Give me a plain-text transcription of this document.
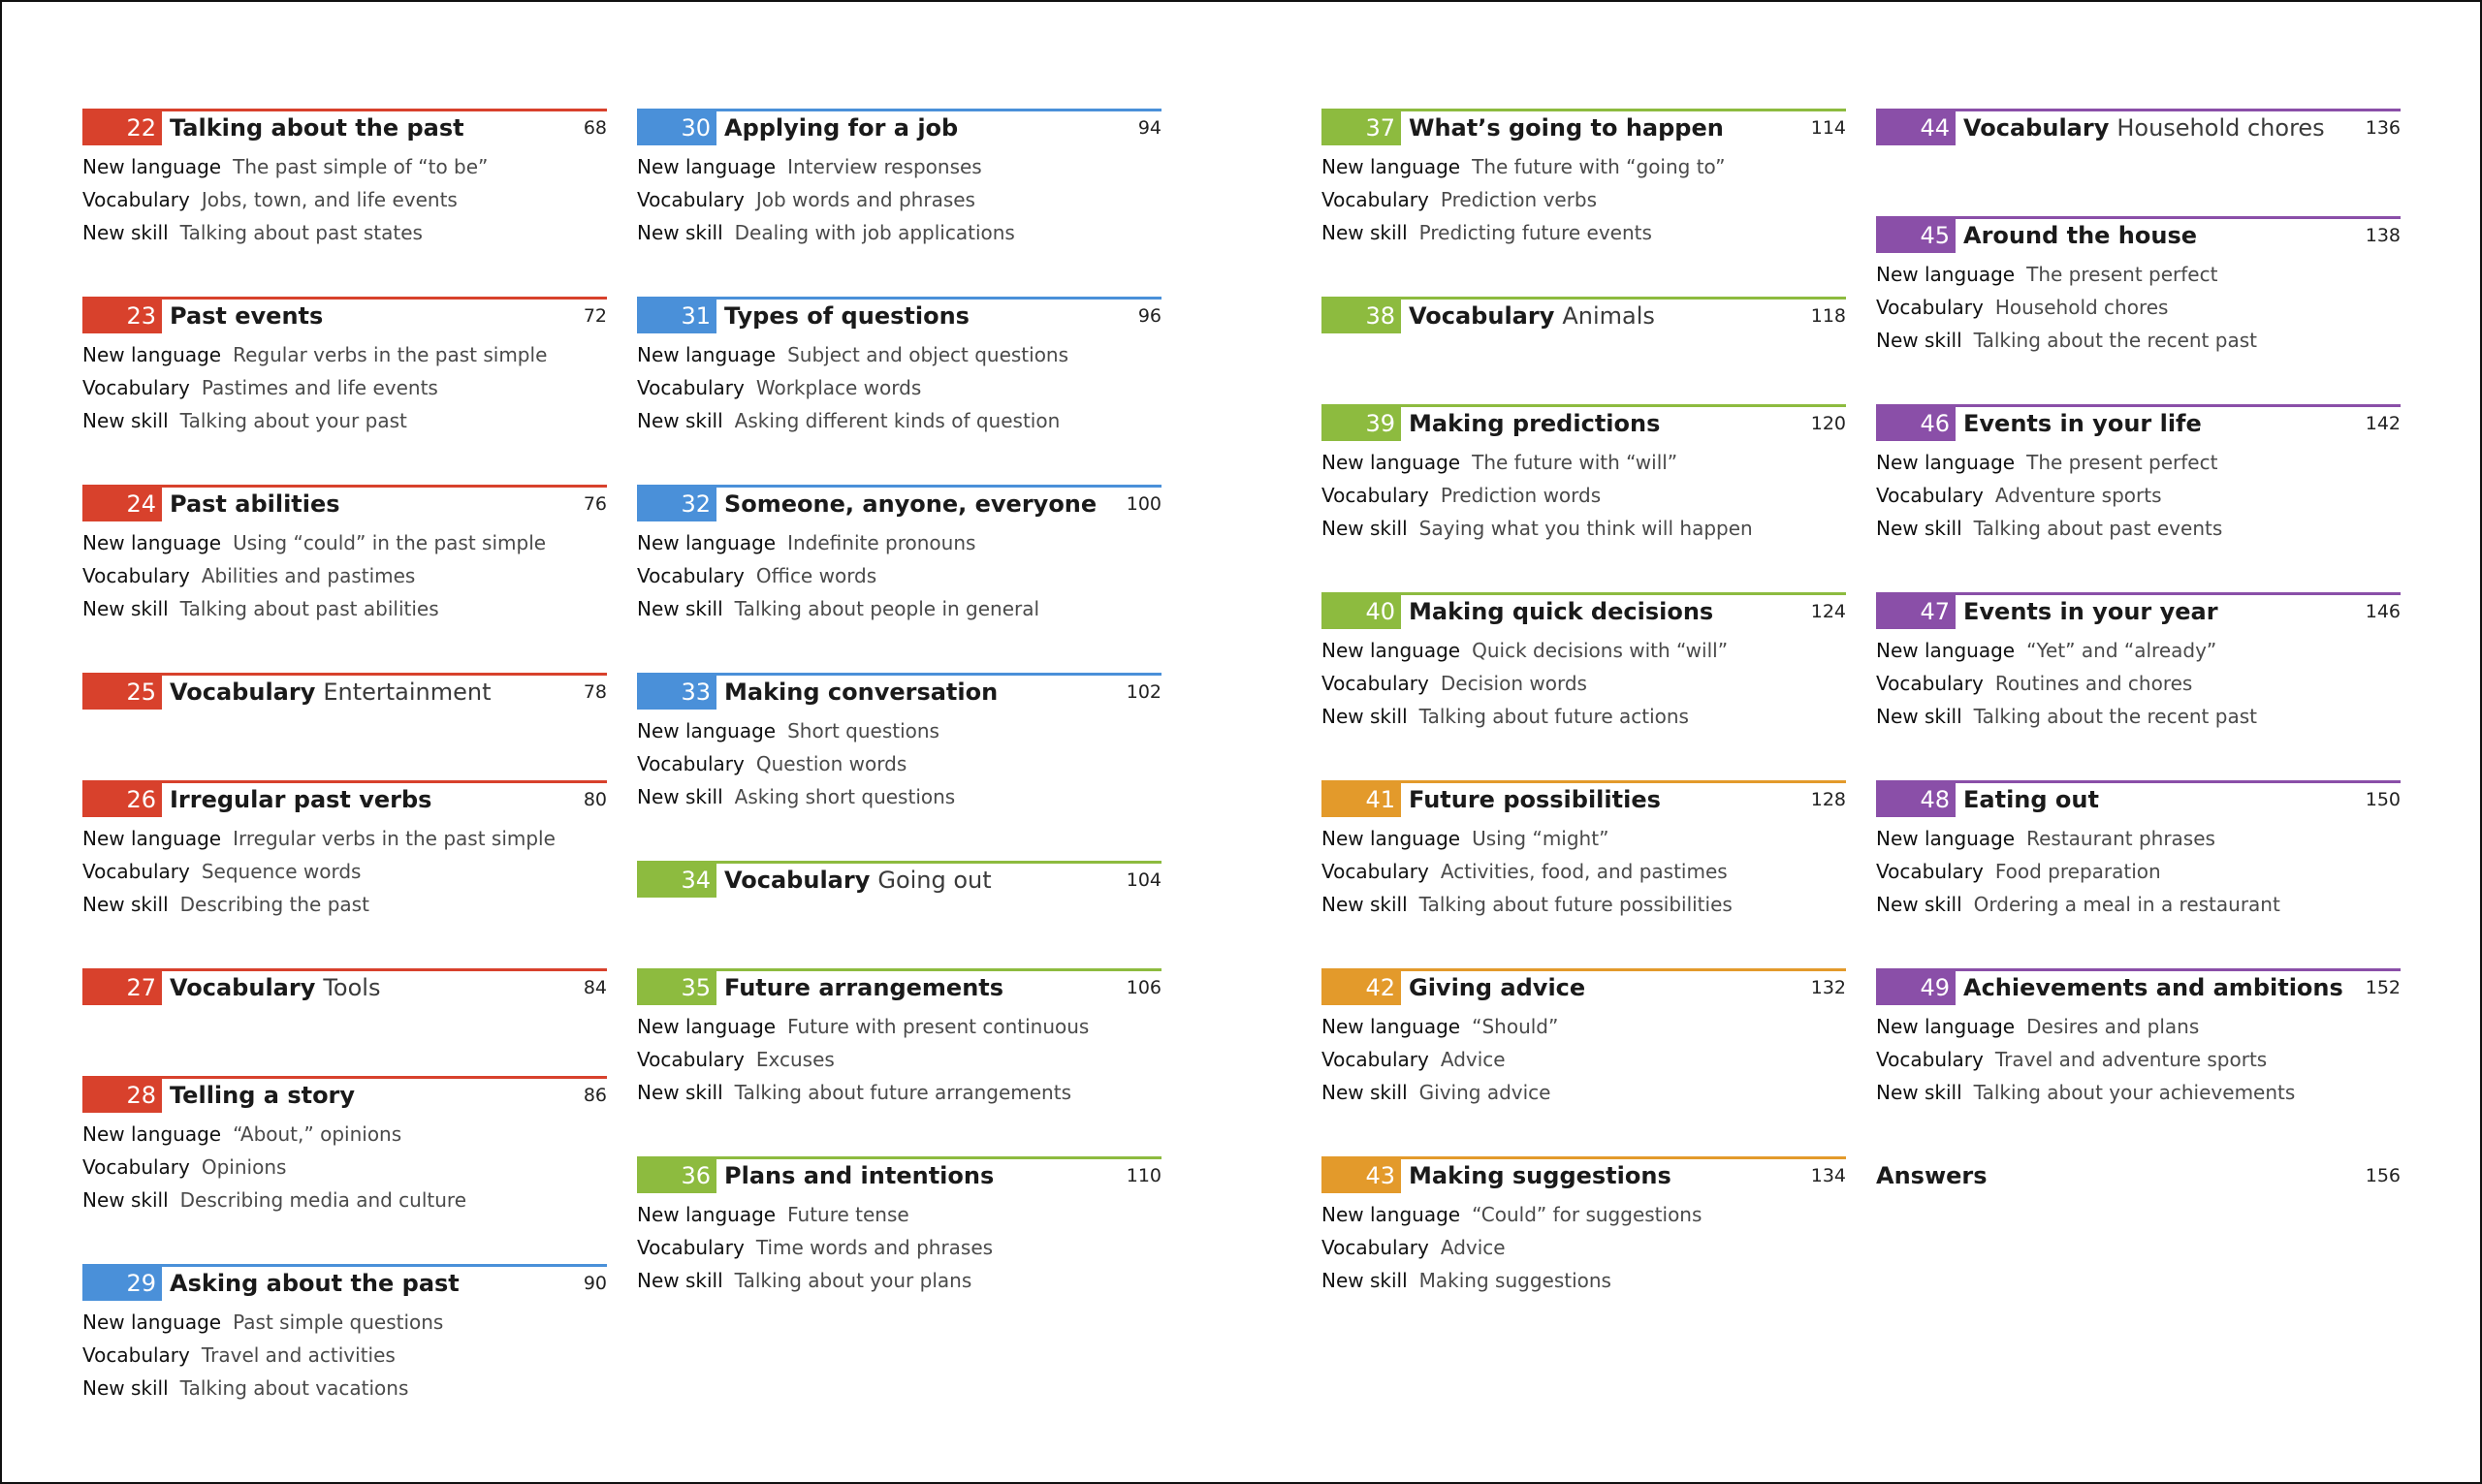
22 Talking about the past	68
New language The past simple of “to be”
Vocabulary Jobs, town, and life events
New skill Talking about past states
23 Past events	72
New language Regular verbs in the past simple
Vocabulary Pastimes and life events
New skill Talking about your past
24 Past abilities	76
New language Using “could” in the past simple
Vocabulary Abilities and pastimes
New skill Talking about past abilities
25 Vocabulary Entertainment	78
26 Irregular past verbs	80
New language Irregular verbs in the past simple
Vocabulary Sequence words
New skill Describing the past
27 Vocabulary Tools	84
28 Telling a story	86
New language “About,” opinions
Vocabulary Opinions
New skill Describing media and culture
29 Asking about the past	90
New language Past simple questions
Vocabulary Travel and activities
New skill Talking about vacations
30 Applying for a job	94
New language Interview responses
Vocabulary Job words and phrases
New skill Dealing with job applications
31 Types of questions	96
New language Subject and object questions
Vocabulary Workplace words
New skill Asking different kinds of question
32 Someone, anyone, everyone 100
New language Indefinite pronouns
Vocabulary Office words
New skill Talking about people in general
33 Making conversation	102
New language Short questions
Vocabulary Question words
New skill Asking short questions
34 Vocabulary Going out	104
35 Future arrangements	106
New language Future with present continuous
Vocabulary Excuses
New skill Talking about future arrangements
36 Plans and intentions	110
New language Future tense
Vocabulary Time words and phrases
New skill Talking about your plans
37 What’s going to happen	114
New language The future with “going to”
Vocabulary Prediction verbs
New skill Predicting future events
38 Vocabulary Animals	118
39 Making predictions	120
New language The future with “will”
Vocabulary Prediction words
New skill Saying what you think will happen
40 Making quick decisions	124
New language Quick decisions with “will”
Vocabulary Decision words
New skill Talking about future actions
41 Future possibilities	128
New language Using “might”
Vocabulary Activities, food, and pastimes
New skill Talking about future possibilities
42 Giving advice	132
New language “Should”
Vocabulary Advice
New skill Giving advice
43 Making suggestions	134
New language “Could” for suggestions
Vocabulary Advice
New skill Making suggestions
44 Vocabulary Household chores 136
45 Around the house	138
New language The present perfect
Vocabulary Household chores
New skill Talking about the recent past
46 Events in your life	142
New language The present perfect
Vocabulary Adventure sports
New skill Talking about past events
47 Events in your year	146
New language “Yet” and “already”
Vocabulary Routines and chores
New skill Talking about the recent past
48 Eating out	150
New language Restaurant phrases
Vocabulary Food preparation
New skill Ordering a meal in a restaurant
49 Achievements and ambitions 152
New language Desires and plans
Vocabulary Travel and adventure sports
New skill Talking about your achievements
Answers	156
